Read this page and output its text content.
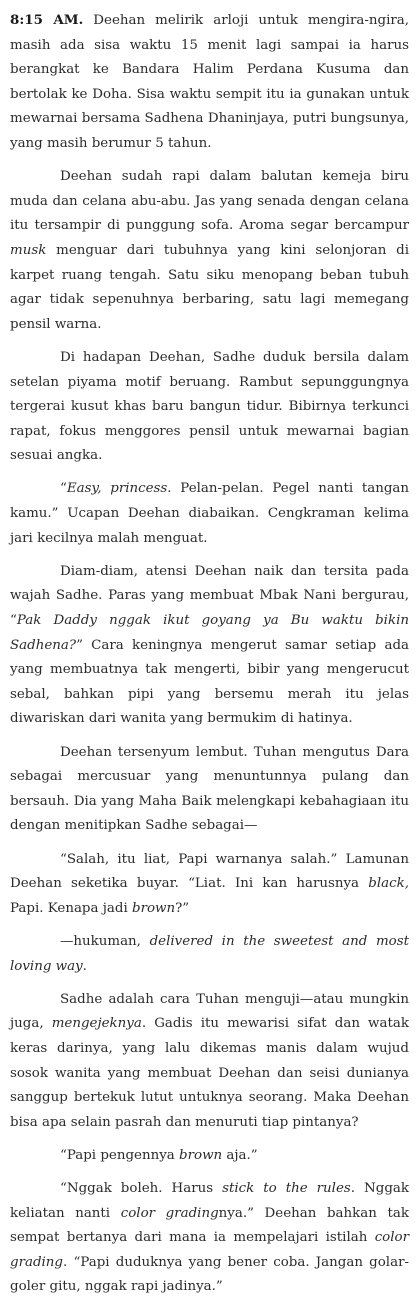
8:15 AM. Deehan melirik arloji untuk mengira-ngira, masih ada sisa waktu 15 menit lagi sampai ia harus berangkat ke Bandara Halim Perdana Kusuma dan bertolak ke Doha. Sisa waktu sempit itu ia gunakan untuk mewarnai bersama Sadhena Dhaninjaya, putri bungsunya, yang masih berumur 5 tahun.

Deehan sudah rapi dalam balutan kemeja biru muda dan celana abu-abu. Jas yang senada dengan celana itu tersampir di punggung sofa. Aroma segar bercampur musk menguar dari tubuhnya yang kini selonjoran di karpet ruang tengah. Satu siku menopang beban tubuh agar tidak sepenuhnya berbaring, satu lagi memegang pensil warna.

Di hadapan Deehan, Sadhe duduk bersila dalam setelan piyama motif beruang. Rambut sepunggungnya tergerai kusut khas baru bangun tidur. Bibirnya terkunci rapat, fokus menggores pensil untuk mewarnai bagian sesuai angka.

“Easy, princess. Pelan-pelan. Pegel nanti tangan kamu.” Ucapan Deehan diabaikan. Cengkraman kelima jari kecilnya malah menguat.

Diam-diam, atensi Deehan naik dan tersita pada wajah Sadhe. Paras yang membuat Mbak Nani bergurau, “Pak Daddy nggak ikut goyang ya Bu waktu bikin Sadhena?” Cara keningnya mengerut samar setiap ada yang membuatnya tak mengerti, bibir yang mengerucut sebal, bahkan pipi yang bersemu merah itu jelas diwariskan dari wanita yang bermukim di hatinya.

Deehan tersenyum lembut. Tuhan mengutus Dara sebagai mercusuar yang menuntunnya pulang dan bersauh. Dia yang Maha Baik melengkapi kebahagiaan itu dengan menitipkan Sadhe sebagai—

“Salah, itu liat, Papi warnanya salah.” Lamunan Deehan seketika buyar. “Liat. Ini kan harusnya black, Papi. Kenapa jadi brown?”

—hukuman, delivered in the sweetest and most loving way.

Sadhe adalah cara Tuhan menguji—atau mungkin juga, mengejeknya. Gadis itu mewarisi sifat dan watak keras darinya, yang lalu dikemas manis dalam wujud sosok wanita yang membuat Deehan dan seisi dunianya sanggup bertekuk lutut untuknya seorang. Maka Deehan bisa apa selain pasrah dan menuruti tiap pintanya?

“Papi pengennya brown aja.”

“Nggak boleh. Harus stick to the rules. Nggak keliatan nanti color gradingnya.” Deehan bahkan tak sempat bertanya dari mana ia mempelajari istilah color grading. “Papi duduknya yang bener coba. Jangan golar-goler gitu, nggak rapi jadinya.”
